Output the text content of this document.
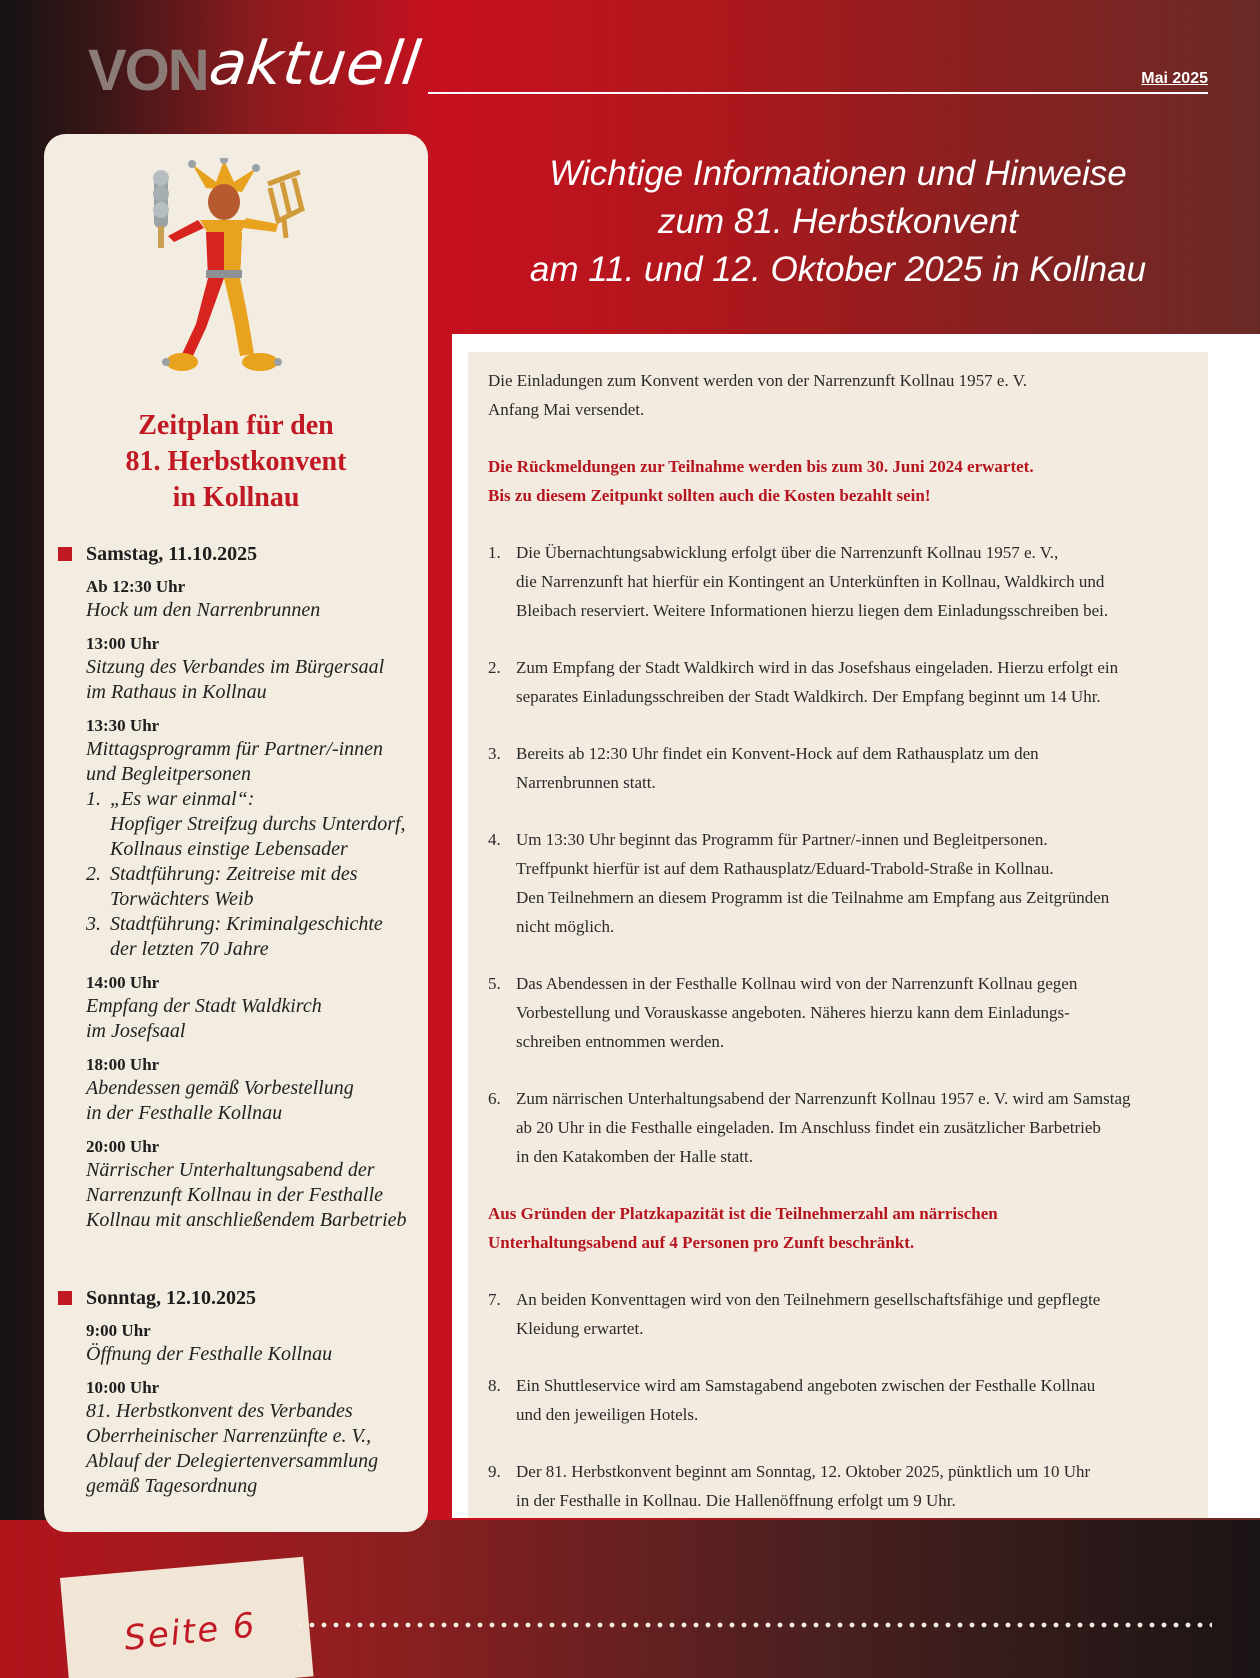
VON
aktuell	Mai 2025
Zeitplan für den
81. Herbstkonvent
in Kollnau
Samstag, 11.10.2025
Ab 12:30 Uhr
Hock um den Narrenbrunnen
13:00 Uhr
Sitzung des Verbandes im Bürgersaal
im Rathaus in Kollnau
13:30 Uhr
Mittagsprogramm für Partner/-innen
und Begleitpersonen
1. „Es war einmal“:
Hopfiger Streifzug durchs Unterdorf,
Kollnaus einstige Lebensader
2. Stadtführung: Zeitreise mit des
Torwächters Weib
3. Stadtführung: Kriminalgeschichte
der letzten 70 Jahre
14:00 Uhr
Empfang der Stadt Waldkirch
im Josefsaal
18:00 Uhr
Abendessen gemäß Vorbestellung
in der Festhalle Kollnau
20:00 Uhr
Närrischer Unterhaltungsabend der
Narrenzunft Kollnau in der Festhalle
Kollnau mit anschließendem Barbetrieb
Sonntag, 12.10.2025
9:00 Uhr
Öffnung der Festhalle Kollnau
10:00 Uhr
81. Herbstkonvent des Verbandes
Oberrheinischer Narrenzünfte e. V.,
Ablauf der Delegiertenversammlung
gemäß Tagesordnung
Wichtige Informationen und Hinweise
zum 81. Herbstkonvent
am 11. und 12. Oktober 2025 in Kollnau
Die Einladungen zum Konvent werden von der Narrenzunft Kollnau 1957 e. V.
Anfang Mai versendet.
Die Rückmeldungen zur Teilnahme werden bis zum 30. Juni 2024 erwartet.
Bis zu diesem Zeitpunkt sollten auch die Kosten bezahlt sein!
1. Die Übernachtungsabwicklung erfolgt über die Narrenzunft Kollnau 1957 e. V.,
die Narrenzunft hat hierfür ein Kontingent an Unterkünften in Kollnau, Waldkirch und
Bleibach reserviert. Weitere Informationen hierzu liegen dem Einladungsschreiben bei.
2. Zum Empfang der Stadt Waldkirch wird in das Josefshaus eingeladen. Hierzu erfolgt ein
separates Einladungsschreiben der Stadt Waldkirch. Der Empfang beginnt um 14 Uhr.
3. Bereits ab 12:30 Uhr findet ein Konvent-Hock auf dem Rathausplatz um den
Narrenbrunnen statt.
4. Um 13:30 Uhr beginnt das Programm für Partner/-innen und Begleitpersonen.
Treffpunkt hierfür ist auf dem Rathausplatz/Eduard-Trabold-Straße in Kollnau.
Den Teilnehmern an diesem Programm ist die Teilnahme am Empfang aus Zeitgründen
nicht möglich.
5. Das Abendessen in der Festhalle Kollnau wird von der Narrenzunft Kollnau gegen
Vorbestellung und Vorauskasse angeboten. Näheres hierzu kann dem Einladungs-
schreiben entnommen werden.
6. Zum närrischen Unterhaltungsabend der Narrenzunft Kollnau 1957 e. V. wird am Samstag
ab 20 Uhr in die Festhalle eingeladen. Im Anschluss findet ein zusätzlicher Barbetrieb
in den Katakomben der Halle statt.
Aus Gründen der Platzkapazität ist die Teilnehmerzahl am närrischen
Unterhaltungsabend auf 4 Personen pro Zunft beschränkt.
7. An beiden Konventtagen wird von den Teilnehmern gesellschaftsfähige und gepflegte
Kleidung erwartet.
8. Ein Shuttleservice wird am Samstagabend angeboten zwischen der Festhalle Kollnau
und den jeweiligen Hotels.
9. Der 81. Herbstkonvent beginnt am Sonntag, 12. Oktober 2025, pünktlich um 10 Uhr
in der Festhalle in Kollnau. Die Hallenöffnung erfolgt um 9 Uhr.
Seite 6
